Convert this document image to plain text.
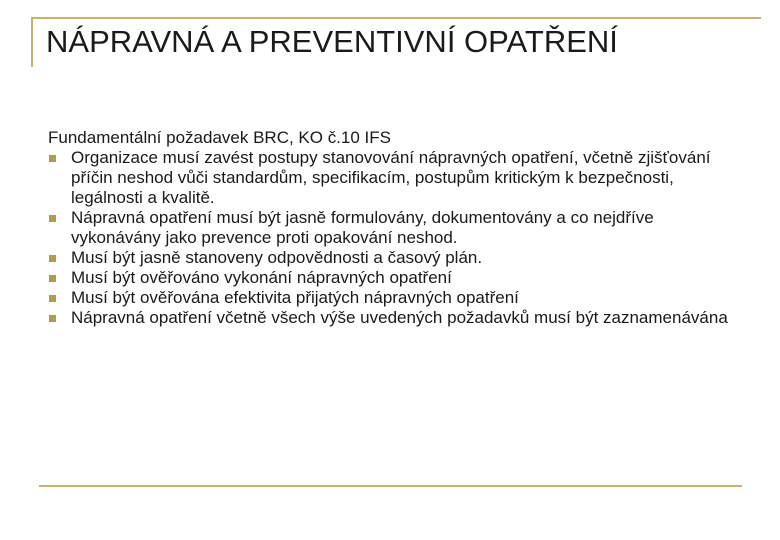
NÁPRAVNÁ A PREVENTIVNÍ OPATŘENÍ

Fundamentální požadavek BRC, KO č.10 IFS

Organizace musí zavést postupy stanovování nápravných opatření, včetně zjišťování příčin neshod vůči standardům, specifikacím, postupům kritickým k bezpečnosti, legálnosti a kvalitě.
Nápravná opatření musí být jasně formulovány, dokumentovány a co nejdříve vykonávány jako prevence proti opakování neshod.
Musí být jasně stanoveny odpovědnosti a časový plán.
Musí být ověřováno vykonání nápravných opatření
Musí být ověřována efektivita přijatých nápravných opatření
Nápravná opatření včetně všech výše uvedených požadavků musí být zaznamenávána
